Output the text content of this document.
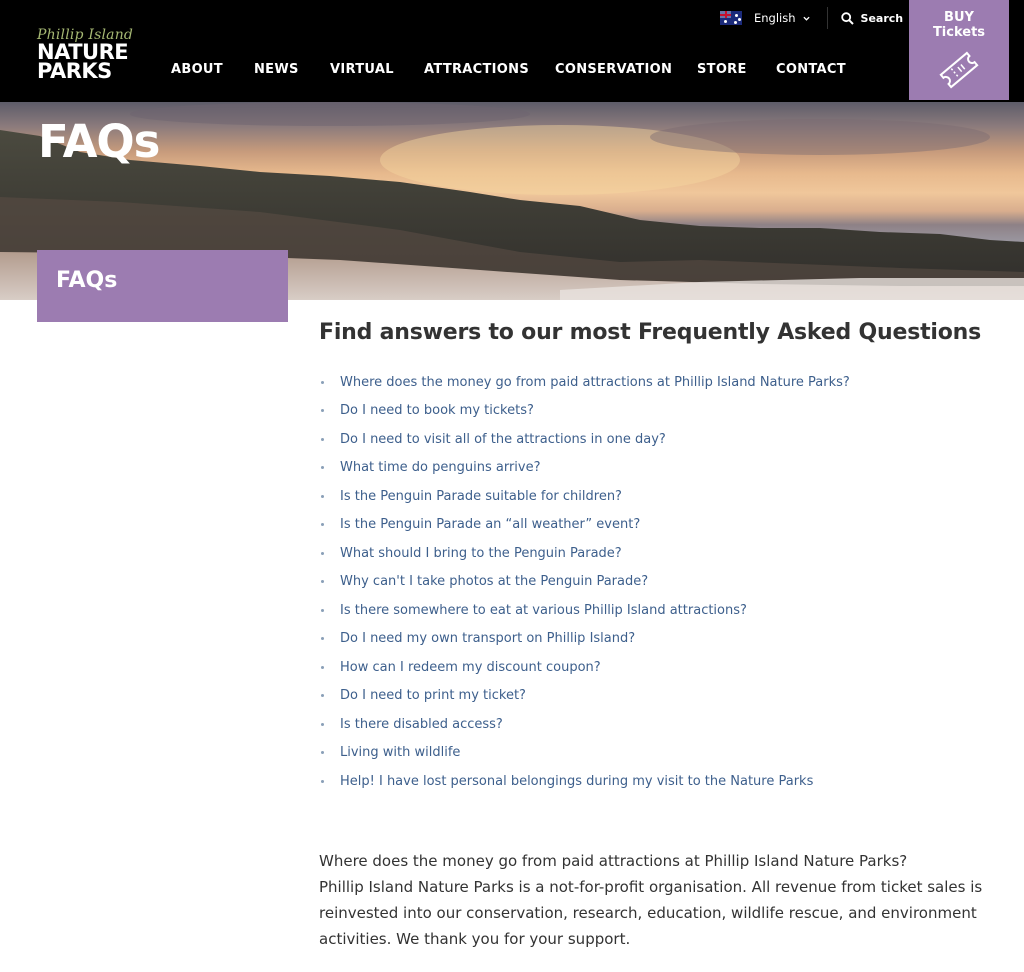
Phillip Island
NATURE
PARKS
English	Search
ABOUT NEWS VIRTUAL ATTRACTIONS CONSERVATION STORE CONTACT
BUY
Tickets
FAQs
FAQs
Find answers to our most Frequently Asked Questions
Where does the money go from paid attractions at Phillip Island Nature Parks?
Do I need to book my tickets?
Do I need to visit all of the attractions in one day?
What time do penguins arrive?
Is the Penguin Parade suitable for children?
Is the Penguin Parade an “all weather” event?
What should I bring to the Penguin Parade?
Why can't I take photos at the Penguin Parade?
Is there somewhere to eat at various Phillip Island attractions?
Do I need my own transport on Phillip Island?
How can I redeem my discount coupon?
Do I need to print my ticket?
Is there disabled access?
Living with wildlife
Help! I have lost personal belongings during my visit to the Nature Parks
Where does the money go from paid attractions at Phillip Island Nature Parks?
Phillip Island Nature Parks is a not-for-profit organisation. All revenue from ticket sales is reinvested into our conservation, research, education, wildlife rescue, and environment activities. We thank you for your support.
